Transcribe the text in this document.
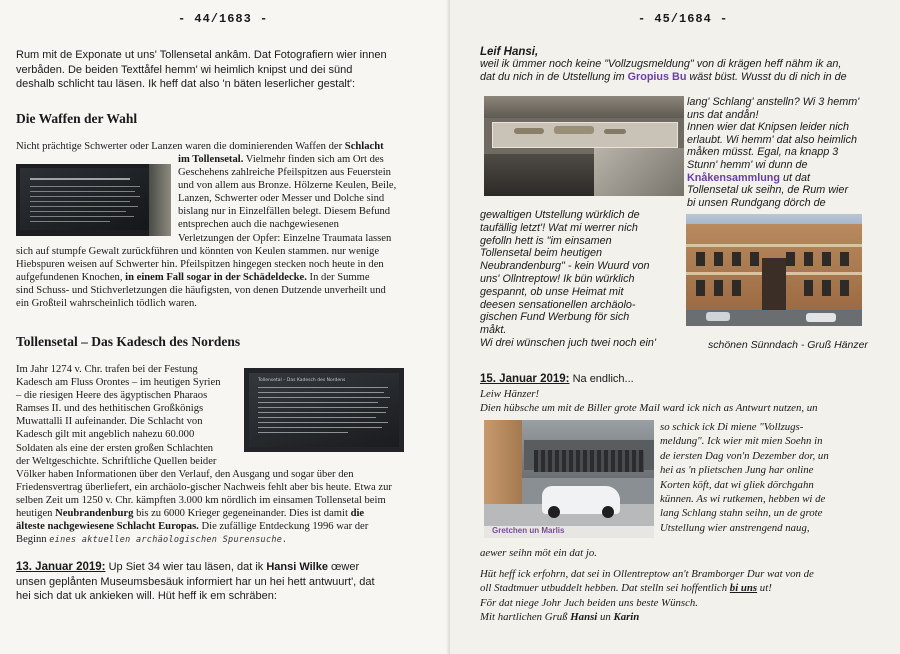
- 44/1683 -
Rum mit de Exponate ut uns' Tollensetal ankâm. Dat Fotografiern wier innen
verbåden. De beiden Texttåfel hemm' wi heimlich knipst und dei sünd
deshalb schlicht tau läsen. Ik heff dat also 'n bäten leserlicher gestalt':
Die Waffen der Wahl
Nicht prächtige Schwerter oder Lanzen waren die dominierenden Waffen der Schlacht
im Tollensetal. Vielmehr finden sich am Ort des
Geschehens zahlreiche Pfeilspitzen aus Feuerstein
und von allem aus Bronze. Hölzerne Keulen, Beile,
Lanzen, Schwerter oder Messer und Dolche sind
bislang nur in Einzelfällen belegt. Diesem Befund
entsprechen auch die nachgewiesenen
Verletzungen der Opfer: Einzelne Traumata lassen
sich auf stumpfe Gewalt zurückführen und könnten von Keulen stammen. nur wenige
Hiebspuren weisen auf Schwerter hin. Pfeilspitzen hingegen stecken noch heute in den
aufgefundenen Knochen, in einem Fall sogar in der Schädeldecke. In der Summe
sind Schuss- und Stichverletzungen die häufigsten, von denen Dutzende unverheilt und
ein Großteil wahrscheinlich tödlich waren.
Tollensetal – Das Kadesch des Nordens
Im Jahr 1274 v. Chr. trafen bei der Festung
Kadesch am Fluss Orontes – im heutigen Syrien
– die riesigen Heere des ägyptischen Pharaos
Ramses II. und des hethitischen Großkönigs
Muwattalli II aufeinander. Die Schlacht von
Kadesch gilt mit angeblich nahezu 60.000
Soldaten als eine der ersten großen Schlachten
der Weltgeschichte. Schriftliche Quellen beider
Tollensetal – Das Kadesch des Nordens
Völker haben Informationen über den Verlauf, den Ausgang und sogar über den
Friedensvertrag überliefert, ein archäolo-gischer Nachweis fehlt aber bis heute. Etwa zur
selben Zeit um 1250 v. Chr. kämpften 3.000 km nördlich im einsamen Tollensetal beim
heutigen Neubrandenburg bis zu 6000 Krieger gegeneinander. Dies ist damit die
älteste nachgewiesene Schlacht Europas. Die zufällige Entdeckung 1996 war der
Beginn eines aktuellen archäologischen Spurensuche.
13. Januar 2019: Up Siet 34 wier tau läsen, dat ik Hansi Wilke œwer
unsen geplånten Museumsbesäuk informiert har un hei hett antwuurt', dat
hei sich dat uk ankieken will. Hüt heff ik em schräben:
- 45/1684 -
Leif Hansi,
weil ik ümmer noch keine "Vollzugsmeldung" von di krägen heff nähm ik an,
dat du nich in de Utstellung im Gropius Bu wäst büst. Wusst du di nich in de
lang' Schlang' anstelln? Wi 3 hemm'
uns dat andån!
Innen wier dat Knipsen leider nich
erlaubt. Wi hemm' dat also heimlich
måken müsst. Egal, na knapp 3
Stunn' hemm' wi dunn de
Knåkensammlung ut dat
Tollensetal uk seihn, de Rum wier
bi unsen Rundgang dörch de
gewaltigen Utstellung würklich de
taufällig letzt'! Wat mi werrer nich
gefolln hett is "im einsamen
Tollensetal beim heutigen
Neubrandenburg" - kein Wuurd von
uns' Ollntreptow! Ik bün würklich
gespannt, ob unse Heimat mit
deesen sensationellen archäolo-
gischen Fund Werbung för sich
måkt.
Wi drei wünschen juch twei noch ein'	schönen Sünndach - Gruß Hänzer
15. Januar 2019: Na endlich...
Leiw Hänzer!
Dien hübsche um mit de Biller grote Mail ward ick nich as Antwurt nutzen, un
Gretchen un Marlis
so schick ick Di miene "Vollzugs-
meldung". Ick wier mit mien Soehn in
de iersten Dag von'n Dezember dor, un
hei as 'n plietschen Jung har online
Korten köft, dat wi gliek dörchgahn
künnen. As wi rutkemen, hebben wi de
lang Schlang stahn seihn, un de grote
Utstellung wier anstrengend naug,
aewer seihn möt ein dat jo.
Hüt heff ick erfohrn, dat sei in Ollentreptow an't Bramborger Dur wat von de
oll Stadtmuer utbuddelt hebben. Dat stelln sei hoffentlich bi uns ut!
För dat niege Johr Juch beiden uns beste Wünsch.
Mit hartlichen Gruß Hansi un Karin
